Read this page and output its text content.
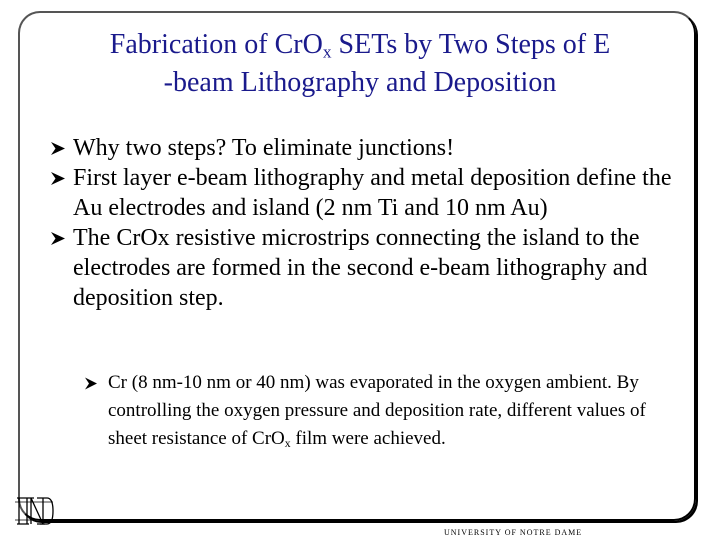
Fabrication of CrO$_x$ SETs by Two Steps of E
-beam Lithography and Deposition
Why two steps? To eliminate junctions!
First layer e-beam lithography and metal deposition define the Au electrodes and island (2 nm Ti and 10 nm Au)
The CrOx resistive microstrips connecting the island to the electrodes are formed in the second e-beam lithography and deposition step.
Cr (8 nm-10 nm or 40 nm) was evaporated in the oxygen ambient. By controlling the oxygen pressure and deposition rate, different values of sheet resistance of CrO$_x$ film were achieved.
UNIVERSITY OF NOTRE DAME
